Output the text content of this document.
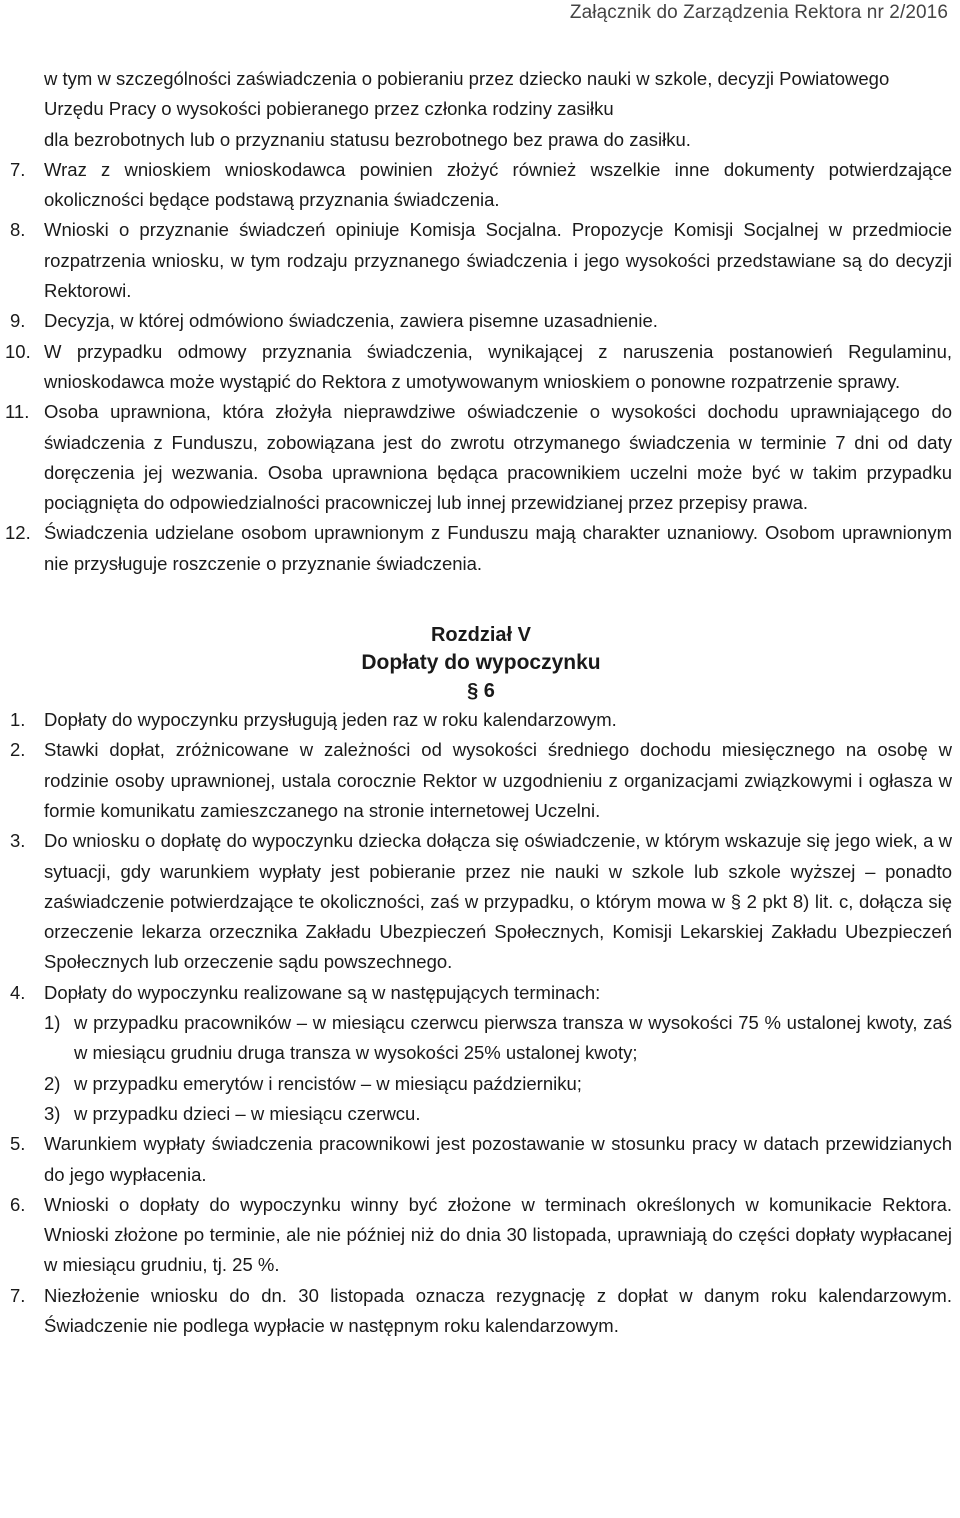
Załącznik do Zarządzenia Rektora nr 2/2016
w tym w szczególności zaświadczenia o pobieraniu przez dziecko nauki w szkole, decyzji Powiatowego Urzędu Pracy o wysokości pobieranego przez członka rodziny zasiłku
dla bezrobotnych lub o przyznaniu statusu bezrobotnego bez prawa do zasiłku.
7.	Wraz z wnioskiem wnioskodawca powinien złożyć również wszelkie inne dokumenty potwierdzające okoliczności będące podstawą przyznania świadczenia.
8.	Wnioski o przyznanie świadczeń opiniuje Komisja Socjalna. Propozycje Komisji Socjalnej w przedmiocie rozpatrzenia wniosku, w tym rodzaju przyznanego świadczenia i jego wysokości przedstawiane są do decyzji Rektorowi.
9.	Decyzja, w której odmówiono świadczenia, zawiera pisemne uzasadnienie.
10. W przypadku odmowy przyznania świadczenia, wynikającej z naruszenia postanowień Regulaminu, wnioskodawca może wystąpić do Rektora z umotywowanym wnioskiem o ponowne rozpatrzenie sprawy.
11. Osoba uprawniona, która złożyła nieprawdziwe oświadczenie o wysokości dochodu uprawniającego do świadczenia z Funduszu, zobowiązana jest do zwrotu otrzymanego świadczenia w terminie 7 dni od daty doręczenia jej wezwania. Osoba uprawniona będąca pracownikiem uczelni może być w takim przypadku pociągnięta do odpowiedzialności pracowniczej lub innej przewidzianej przez przepisy prawa.
12. Świadczenia udzielane osobom uprawnionym z Funduszu mają charakter uznaniowy. Osobom uprawnionym nie przysługuje roszczenie o przyznanie świadczenia.
Rozdział V
Dopłaty do wypoczynku
§ 6
1.	Dopłaty do wypoczynku przysługują jeden raz w roku kalendarzowym.
2.	Stawki dopłat, zróżnicowane w zależności od wysokości średniego dochodu miesięcznego na osobę w rodzinie osoby uprawnionej, ustala corocznie Rektor w uzgodnieniu z organizacjami związkowymi i ogłasza w formie komunikatu zamieszczanego na stronie internetowej Uczelni.
3.	Do wniosku o dopłatę do wypoczynku dziecka dołącza się oświadczenie, w którym wskazuje się jego wiek, a w sytuacji, gdy warunkiem wypłaty jest pobieranie przez nie nauki w szkole lub szkole wyższej – ponadto zaświadczenie potwierdzające te okoliczności, zaś w przypadku, o którym mowa w § 2 pkt 8) lit. c, dołącza się orzeczenie lekarza orzecznika Zakładu Ubezpieczeń Społecznych, Komisji Lekarskiej Zakładu Ubezpieczeń Społecznych lub orzeczenie sądu powszechnego.
4.	Dopłaty do wypoczynku realizowane są w następujących terminach:
1) w przypadku pracowników – w miesiącu czerwcu pierwsza transza w wysokości 75 % ustalonej kwoty, zaś w miesiącu grudniu druga transza w wysokości 25% ustalonej kwoty;
2) w przypadku emerytów i rencistów – w miesiącu październiku;
3) w przypadku dzieci – w miesiącu czerwcu.
5.	Warunkiem wypłaty świadczenia pracownikowi jest pozostawanie w stosunku pracy w datach przewidzianych do jego wypłacenia.
6.	Wnioski o dopłaty do wypoczynku winny być złożone w terminach określonych w komunikacie Rektora. Wnioski złożone po terminie, ale nie później niż do dnia 30 listopada, uprawniają do części dopłaty wypłacanej w miesiącu grudniu, tj. 25 %.
7.	Niezłożenie wniosku do dn. 30 listopada oznacza rezygnację z dopłat w danym roku kalendarzowym. Świadczenie nie podlega wypłacie w następnym roku kalendarzowym.
